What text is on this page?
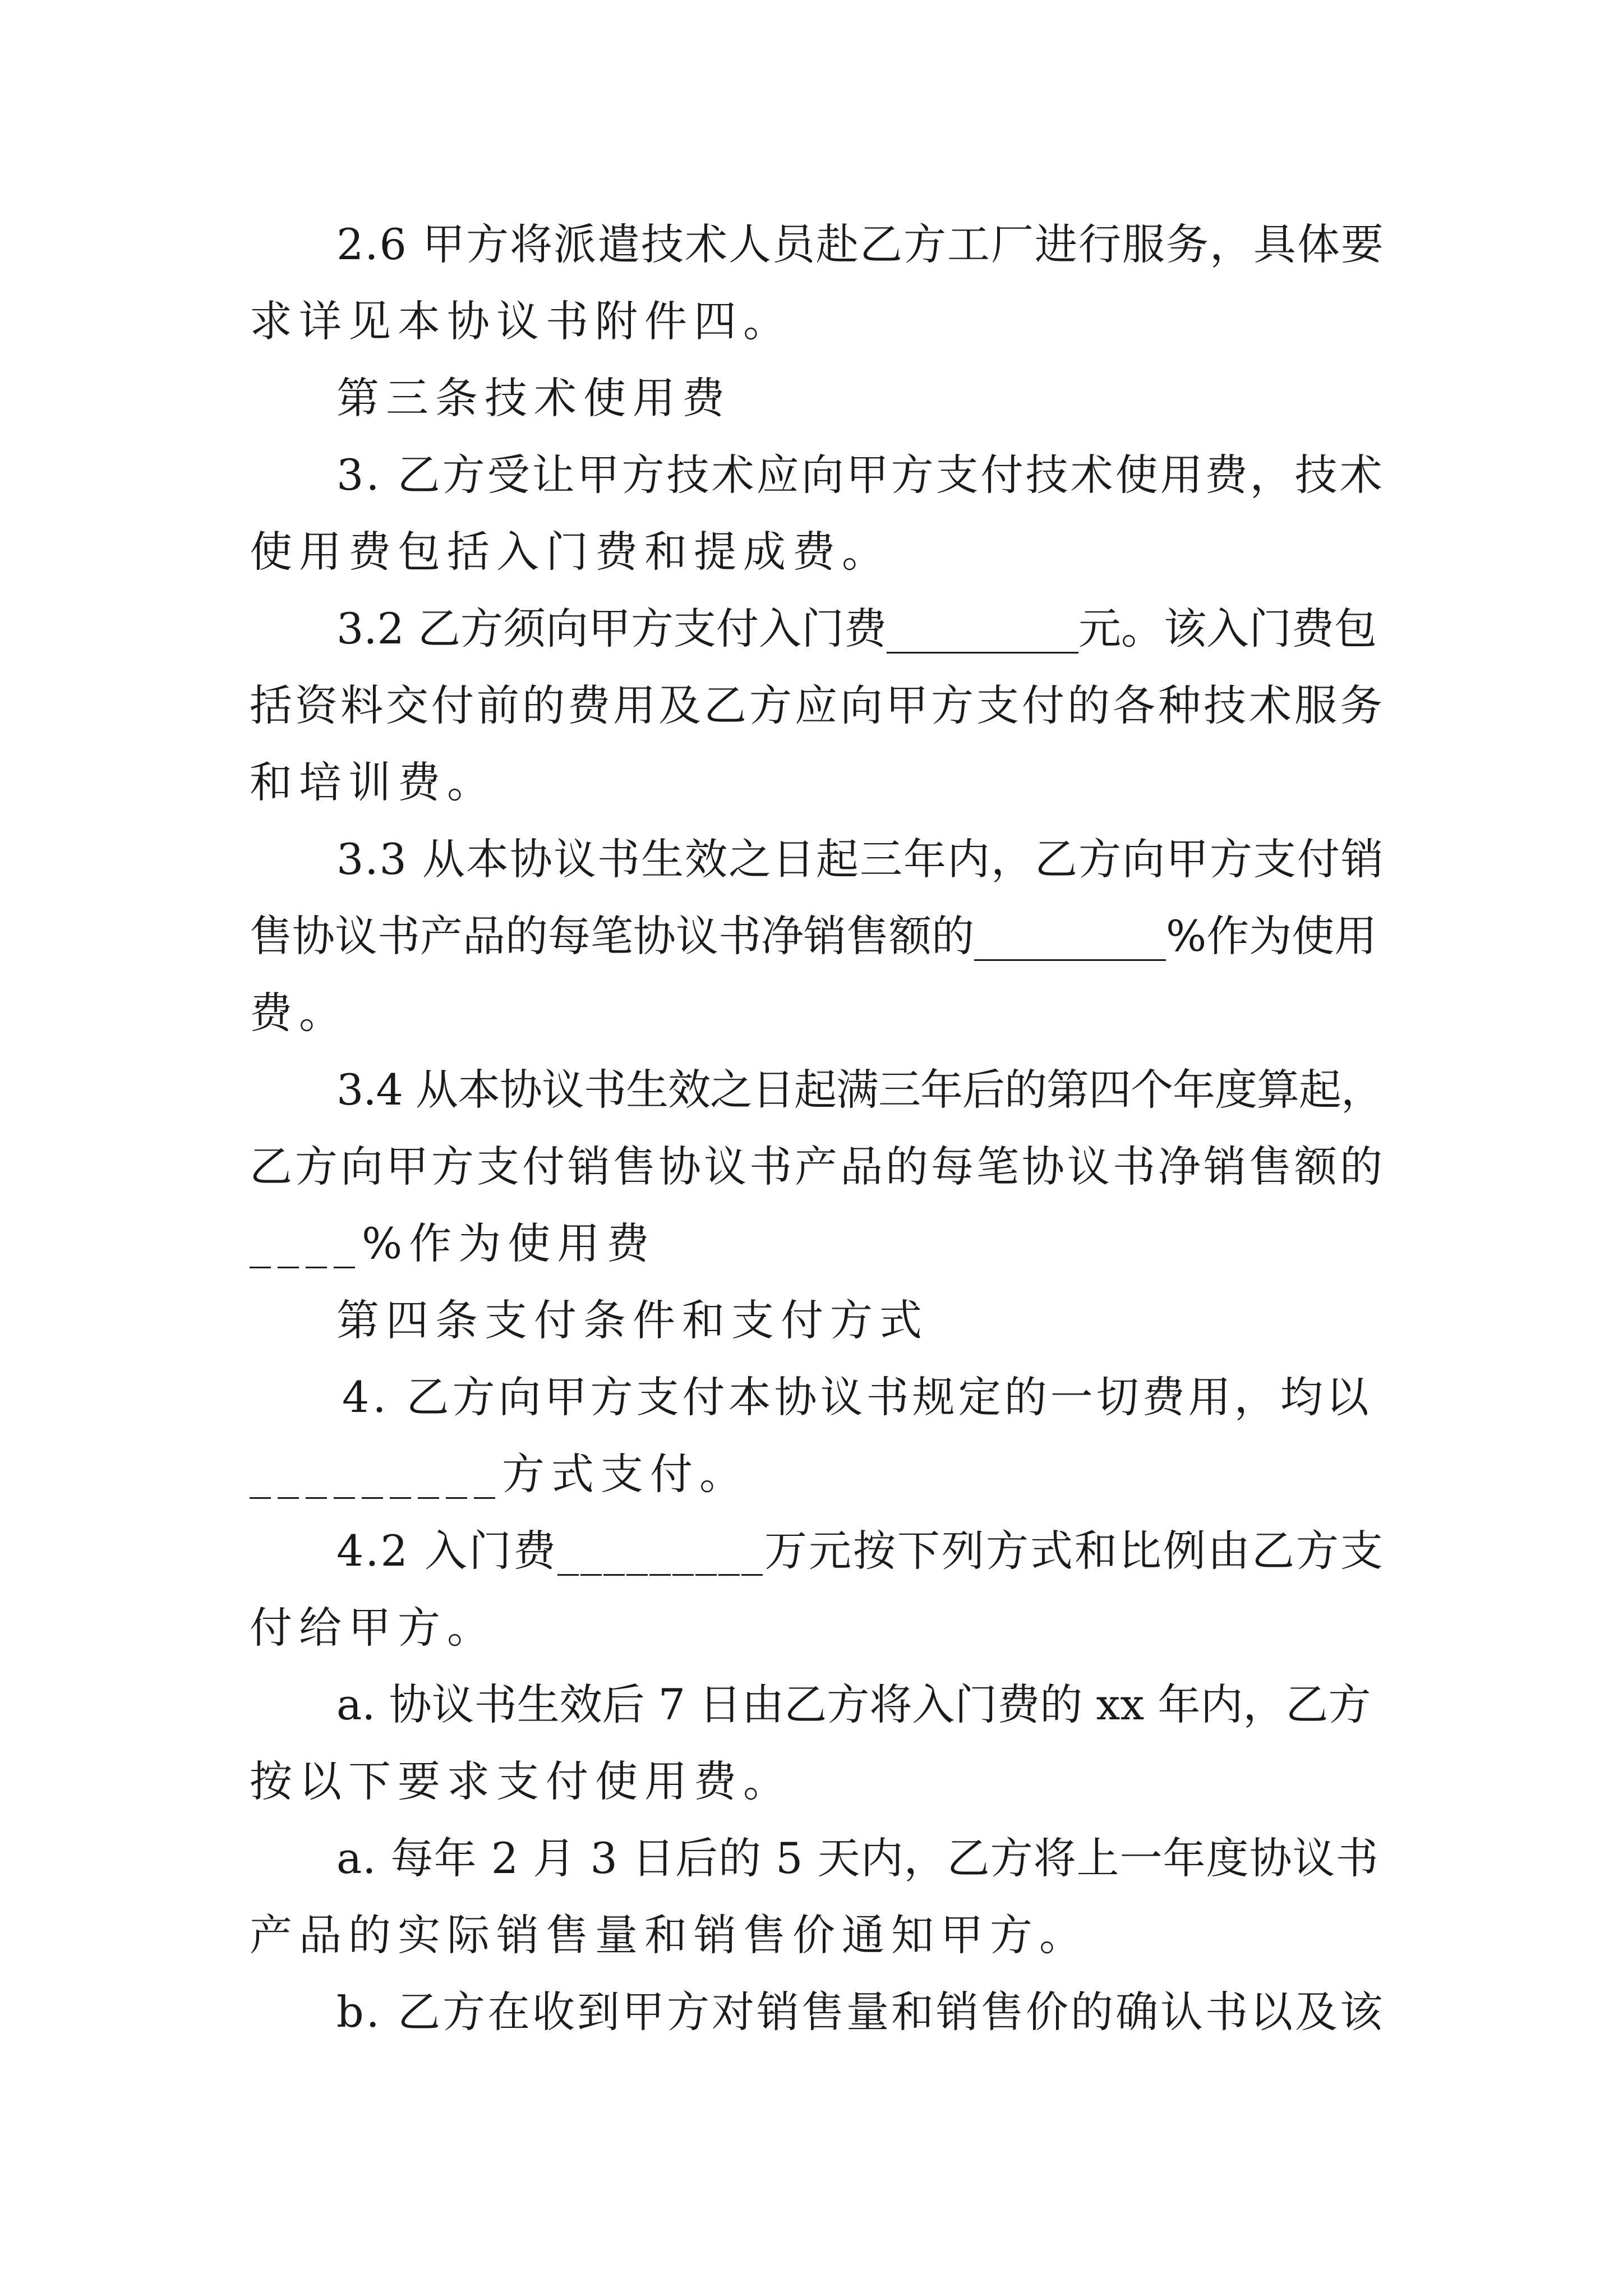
2.6 甲方将派遣技术人员赴乙方工厂进行服务，具体要
求详见本协议书附件四。
第三条技术使用费
3. 乙方受让甲方技术应向甲方支付技术使用费，技术
使用费包括入门费和提成费。
3.2 乙方须向甲方支付入门费_________元。该入门费包
括资料交付前的费用及乙方应向甲方支付的各种技术服务
和培训费。
3.3 从本协议书生效之日起三年内，乙方向甲方支付销
售协议书产品的每笔协议书净销售额的_________%作为使用
费。
3.4 从本协议书生效之日起满三年后的第四个年度算起，
乙方向甲方支付销售协议书产品的每笔协议书净销售额的
____%作为使用费
第四条支付条件和支付方式
4. 乙方向甲方支付本协议书规定的一切费用，均以
_________方式支付。
4.2 入门费_________万元按下列方式和比例由乙方支
付给甲方。
a. 协议书生效后 7 日由乙方将入门费的 xx 年内，乙方
按以下要求支付使用费。
a. 每年 2 月 3 日后的 5 天内，乙方将上一年度协议书
产品的实际销售量和销售价通知甲方。
b. 乙方在收到甲方对销售量和销售价的确认书以及该
